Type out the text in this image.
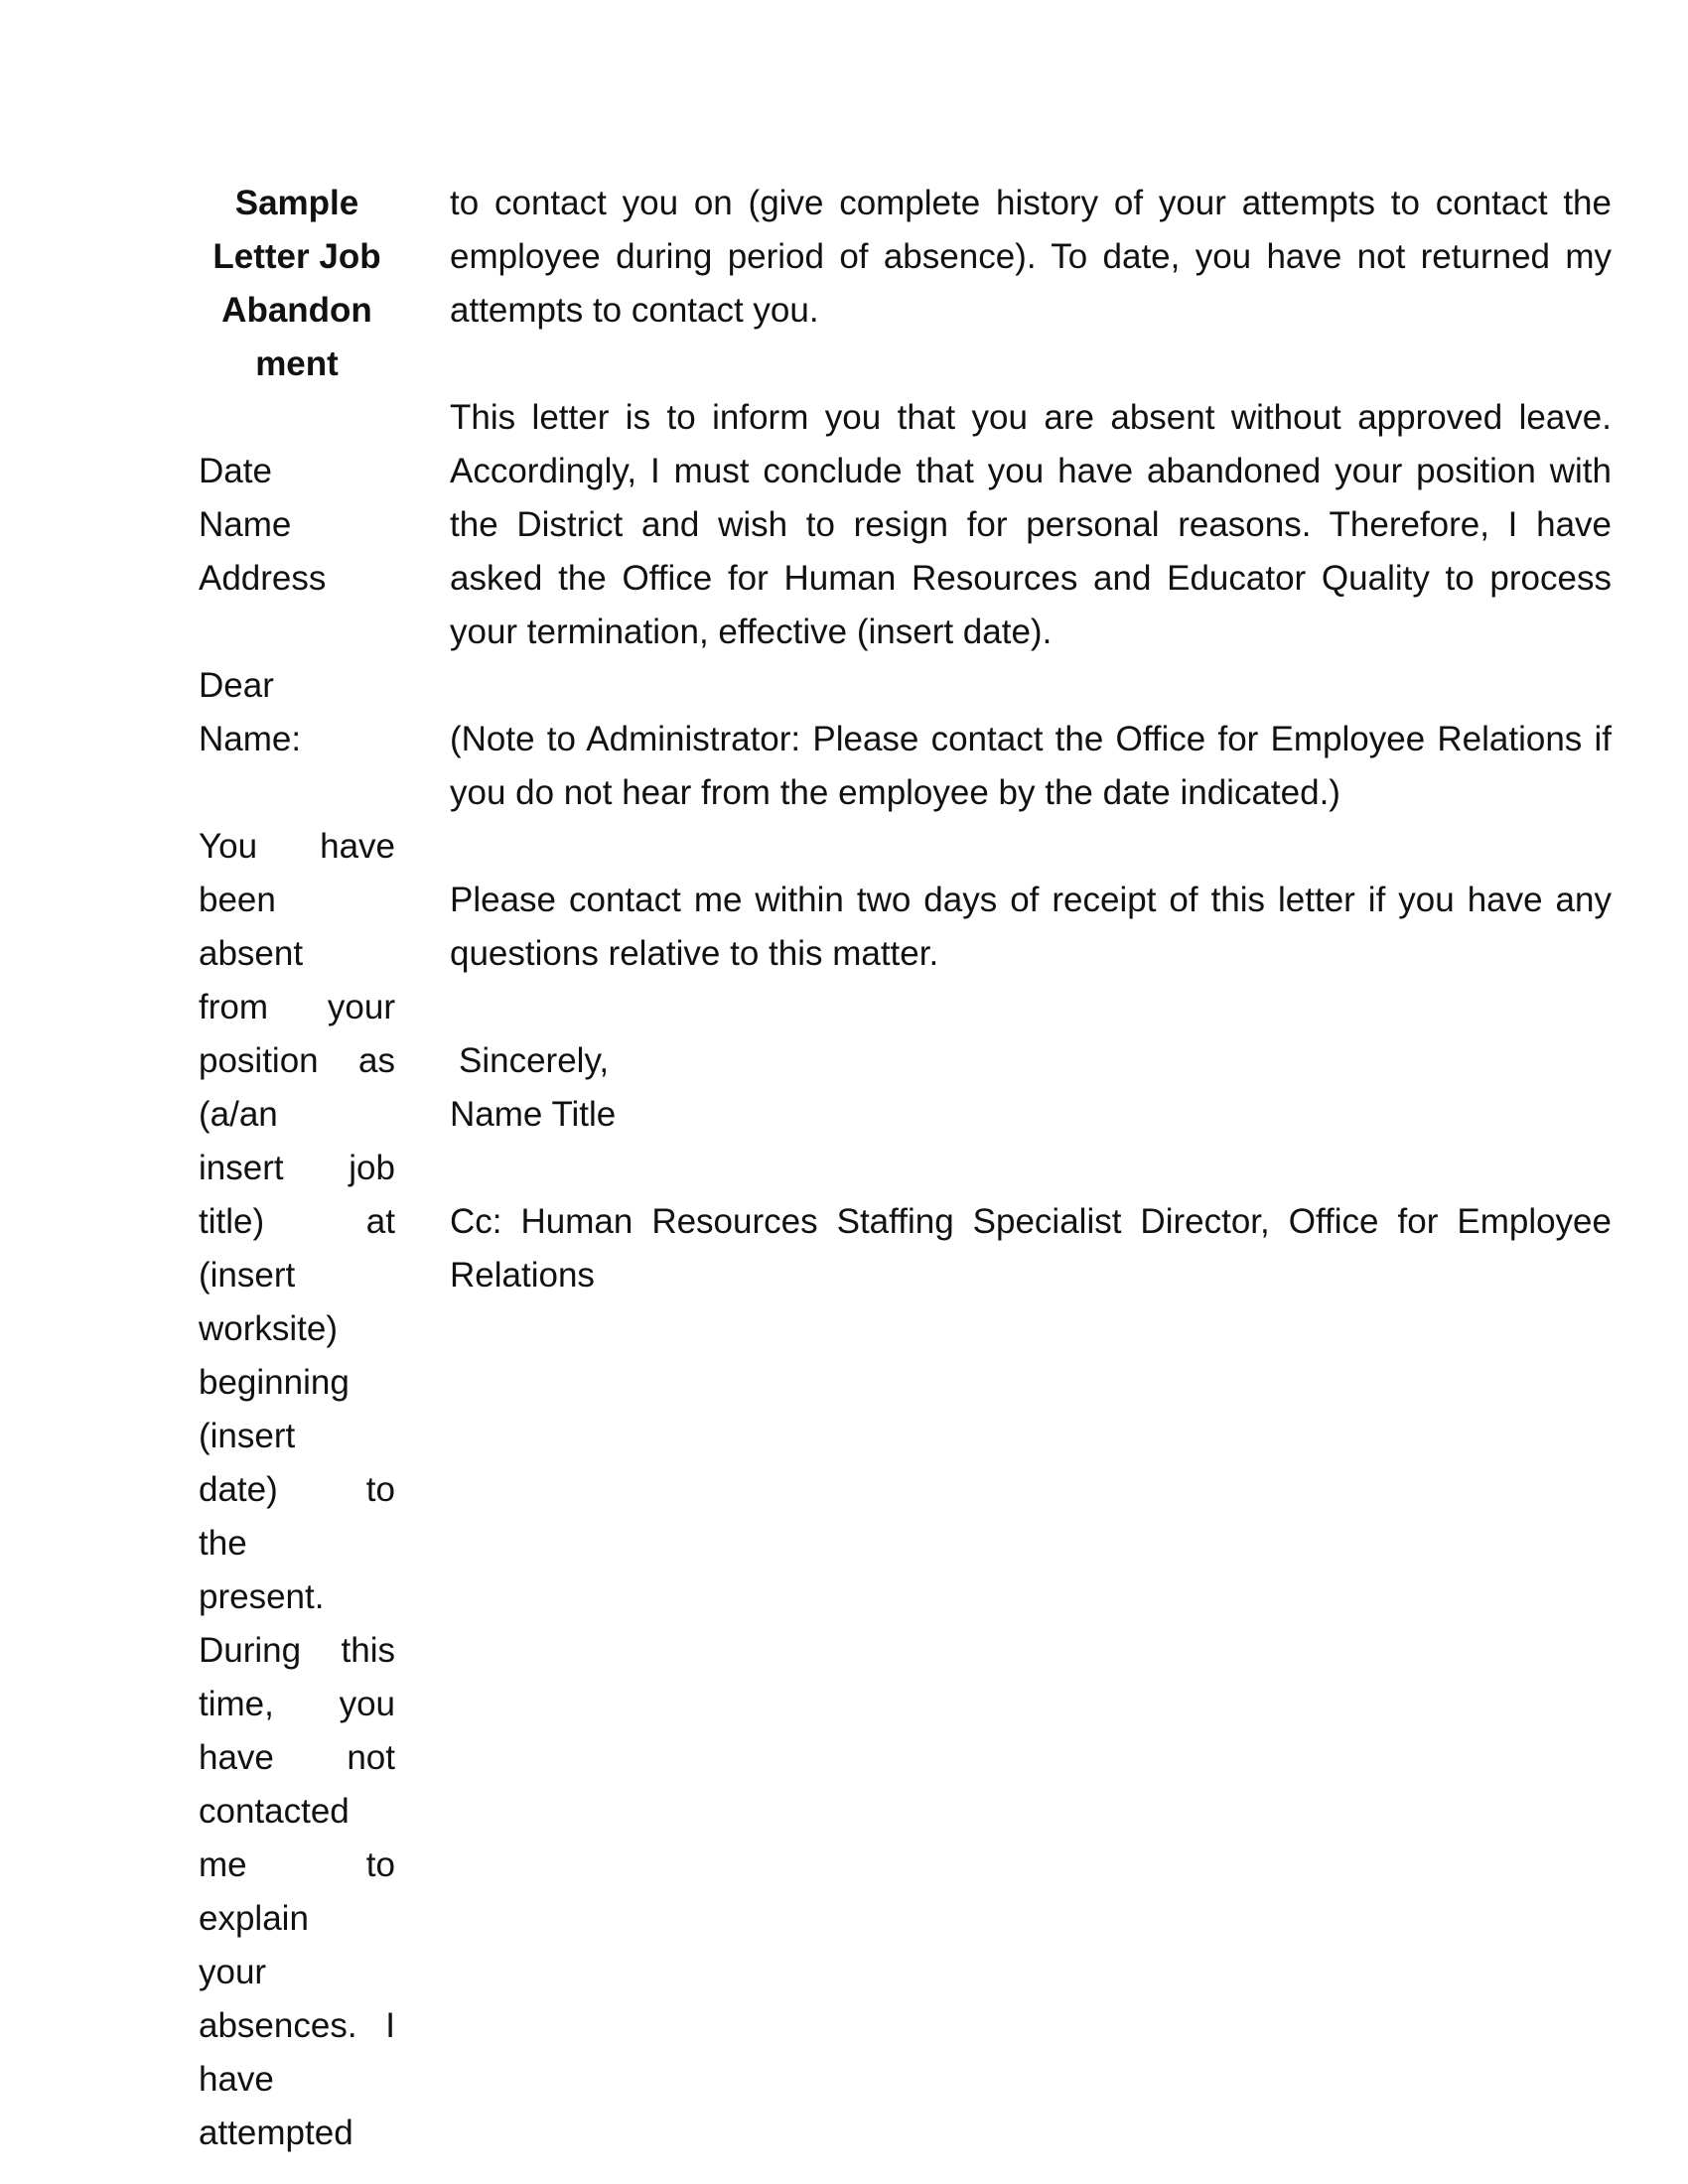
Sample
Letter Job
Abandon
ment
Date
Name
Address
Dear
Name:
You have
been
absent
from your
position as
(a/an
insert job
title) at
(insert
worksite)
beginning
(insert
date) to
the
present.
During this
time, you
have not
contacted
me to
explain
your
absences. I
have
attempted

to contact you on (give complete history of your attempts to contact the employee during period of absence). To date, you have not returned my attempts to contact you.

This letter is to inform you that you are absent without approved leave. Accordingly, I must conclude that you have abandoned your position with the District and wish to resign for personal reasons. Therefore, I have asked the Office for Human Resources and Educator Quality to process your termination, effective (insert date).

(Note to Administrator: Please contact the Office for Employee Relations if you do not hear from the employee by the date indicated.)

Please contact me within two days of receipt of this letter if you have any questions relative to this matter.

Sincerely,
Name Title

Cc: Human Resources Staffing Specialist Director, Office for Employee Relations
